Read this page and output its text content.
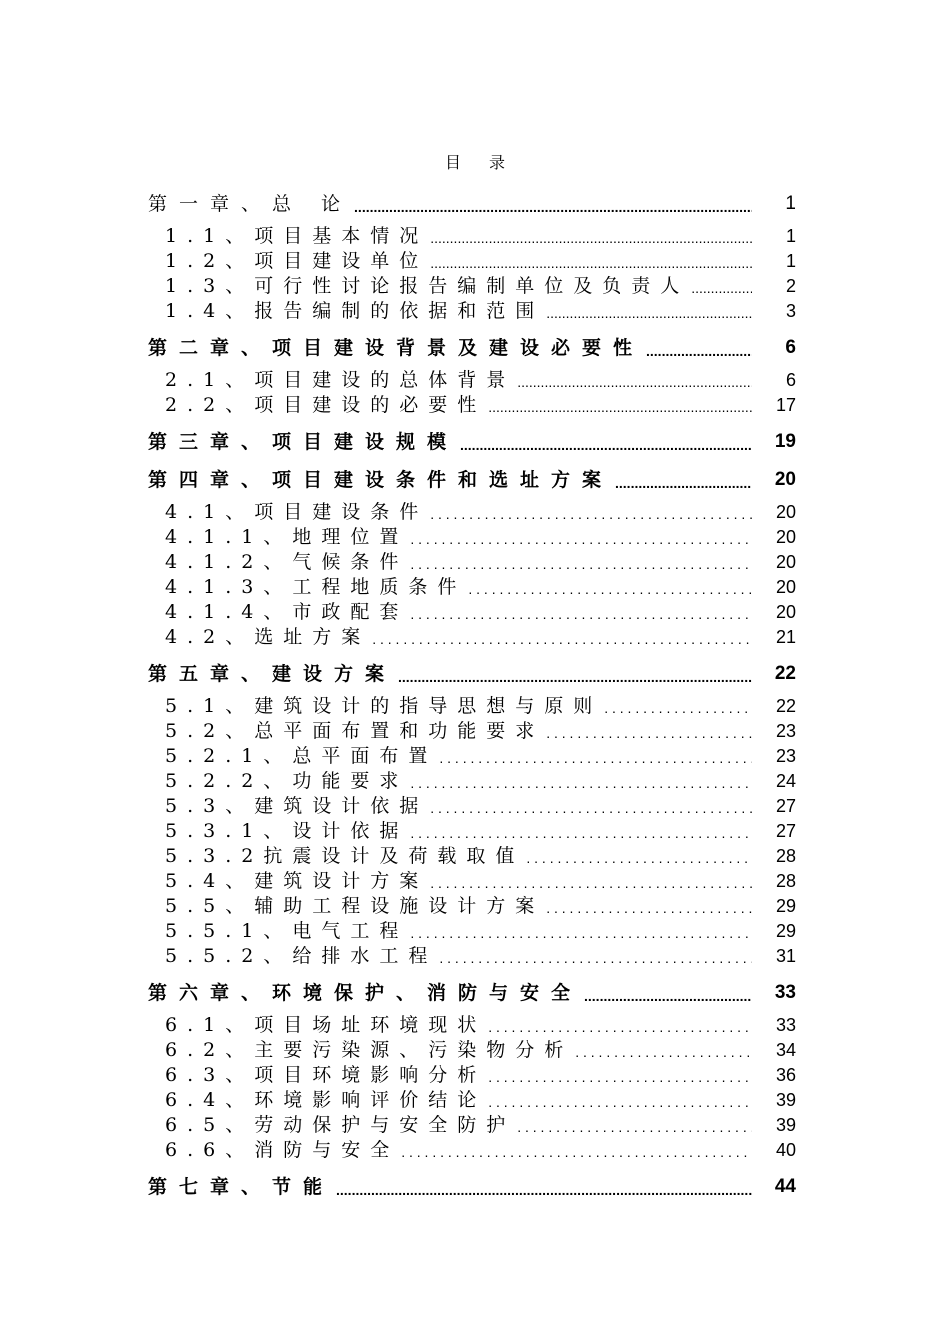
目录
第一章、总 论 .....	1
1.1、项目基本情况 .....	1
1.2、项目建设单位 .....	1
1.3、可行性讨论报告编制单位及负责人 .....	2
1.4、报告编制的依据和范围 .....	3
第二章、项目建设背景及建设必要性 .....	6
2.1、项目建设的总体背景 .....	6
2.2、项目建设的必要性 .....	17
第三章、项目建设规模 .....	19
第四章、项目建设条件和选址方案 .....	20
4.1、项目建设条件 . . .	20
4.1.1、地理位置 . . .	20
4.1.2、气候条件 . . .	20
4.1.3、工程地质条件 . . .	20
4.1.4、市政配套 . . .	20
4.2、选址方案 . . .	21
第五章、建设方案 .....	22
5.1、建筑设计的指导思想与原则 . . .	22
5.2、总平面布置和功能要求 . . .	23
5.2.1、总平面布置 . . .	23
5.2.2、功能要求 . . .	24
5.3、建筑设计依据 . . .	27
5.3.1、设计依据 . . .	27
5.3.2抗震设计及荷载取值 . . .	28
5.4、建筑设计方案 . . .	28
5.5、辅助工程设施设计方案 . . .	29
5.5.1、电气工程 . . .	29
5.5.2、给排水工程 . . .	31
第六章、环境保护、消防与安全 .....	33
6.1、项目场址环境现状 . . .	33
6.2、主要污染源、污染物分析 . . .	34
6.3、项目环境影响分析 . . .	36
6.4、环境影响评价结论 . . .	39
6.5、劳动保护与安全防护 . . .	39
6.6、消防与安全 . . .	40
第七章、节能 .....	44
